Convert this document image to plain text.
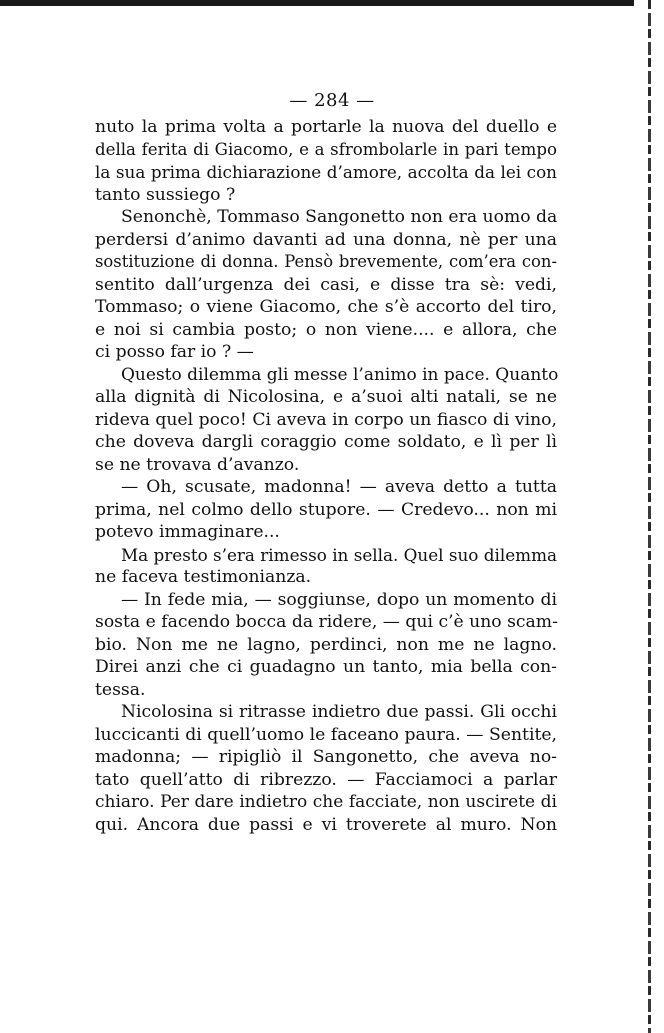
— 284 —
nuto la prima volta a portarle la nuova del duello e
della ferita di Giacomo, e a sfrombolarle in pari tempo
la sua prima dichiarazione d’amore, accolta da lei con
tanto sussiego ?
Senonchè, Tommaso Sangonetto non era uomo da
perdersi d’animo davanti ad una donna, nè per una
sostituzione di donna. Pensò brevemente, com’era con-
sentito dall’urgenza dei casi, e disse tra sè: vedi,
Tommaso; o viene Giacomo, che s’è accorto del tiro,
e noi si cambia posto; o non viene.... e allora, che
ci posso far io ? —
Questo dilemma gli messe l’animo in pace. Quanto
alla dignità di Nicolosina, e a’suoi alti natali, se ne
rideva quel poco! Ci aveva in corpo un fiasco di vino,
che doveva dargli coraggio come soldato, e lì per lì
se ne trovava d’avanzo.
— Oh, scusate, madonna! — aveva detto a tutta
prima, nel colmo dello stupore. — Credevo... non mi
potevo immaginare...
Ma presto s’era rimesso in sella. Quel suo dilemma
ne faceva testimonianza.
— In fede mia, — soggiunse, dopo un momento di
sosta e facendo bocca da ridere, — qui c’è uno scam-
bio. Non me ne lagno, perdinci, non me ne lagno.
Direi anzi che ci guadagno un tanto, mia bella con-
tessa.
Nicolosina si ritrasse indietro due passi. Gli occhi
luccicanti di quell’uomo le faceano paura. — Sentite,
madonna; — ripigliò il Sangonetto, che aveva no-
tato quell’atto di ribrezzo. — Facciamoci a parlar
chiaro. Per dare indietro che facciate, non uscirete di
qui. Ancora due passi e vi troverete al muro. Non
